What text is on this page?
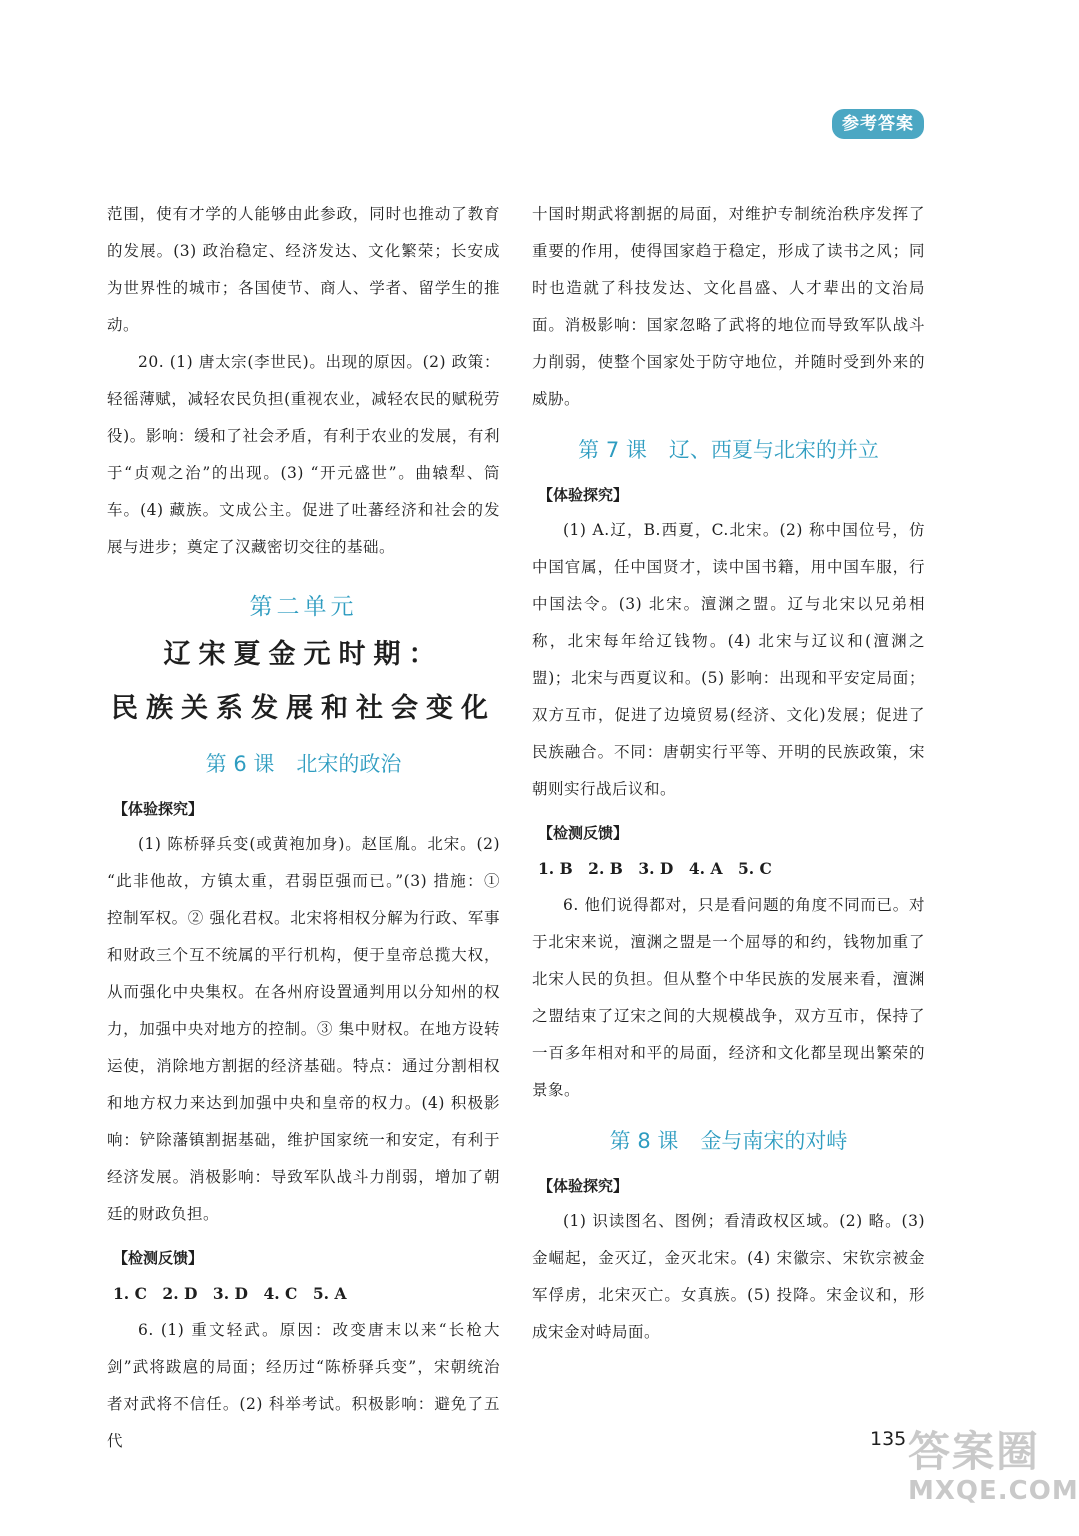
参考答案

范围，使有才学的人能够由此参政，同时也推动了教育的发展。(3) 政治稳定、经济发达、文化繁荣；长安成为世界性的城市；各国使节、商人、学者、留学生的推动。

20. (1) 唐太宗(李世民)。出现的原因。(2) 政策：轻徭薄赋，减轻农民负担(重视农业，减轻农民的赋税劳役)。影响：缓和了社会矛盾，有利于农业的发展，有利于“贞观之治”的出现。(3) “开元盛世”。曲辕犁、筒车。(4) 藏族。文成公主。促进了吐蕃经济和社会的发展与进步；奠定了汉藏密切交往的基础。

第二单元
辽宋夏金元时期：
民族关系发展和社会变化
第 6 课 北宋的政治
【体验探究】

(1) 陈桥驿兵变(或黄袍加身)。赵匡胤。北宋。(2) “此非他故，方镇太重，君弱臣强而已。”(3) 措施：① 控制军权。② 强化君权。北宋将相权分解为行政、军事和财政三个互不统属的平行机构，便于皇帝总揽大权，从而强化中央集权。在各州府设置通判用以分知州的权力，加强中央对地方的控制。③ 集中财权。在地方设转运使，消除地方割据的经济基础。特点：通过分割相权和地方权力来达到加强中央和皇帝的权力。(4) 积极影响：铲除藩镇割据基础，维护国家统一和安定，有利于经济发展。消极影响：导致军队战斗力削弱，增加了朝廷的财政负担。

【检测反馈】
1. C　2. D　3. D　4. C　5. A

6. (1) 重文轻武。原因：改变唐末以来“长枪大剑”武将跋扈的局面；经历过“陈桥驿兵变”，宋朝统治者对武将不信任。(2) 科举考试。积极影响：避免了五代

十国时期武将割据的局面，对维护专制统治秩序发挥了重要的作用，使得国家趋于稳定，形成了读书之风；同时也造就了科技发达、文化昌盛、人才辈出的文治局面。消极影响：国家忽略了武将的地位而导致军队战斗力削弱，使整个国家处于防守地位，并随时受到外来的威胁。

第 7 课 辽、西夏与北宋的并立
【体验探究】

(1) A.辽，B.西夏，C.北宋。(2) 称中国位号，仿中国官属，任中国贤才，读中国书籍，用中国车服，行中国法令。(3) 北宋。澶渊之盟。辽与北宋以兄弟相称，北宋每年给辽钱物。(4) 北宋与辽议和(澶渊之盟)；北宋与西夏议和。(5) 影响：出现和平安定局面；双方互市，促进了边境贸易(经济、文化)发展；促进了民族融合。不同：唐朝实行平等、开明的民族政策，宋朝则实行战后议和。

【检测反馈】
1. B　2. B　3. D　4. A　5. C

6. 他们说得都对，只是看问题的角度不同而已。对于北宋来说，澶渊之盟是一个屈辱的和约，钱物加重了北宋人民的负担。但从整个中华民族的发展来看，澶渊之盟结束了辽宋之间的大规模战争，双方互市，保持了一百多年相对和平的局面，经济和文化都呈现出繁荣的景象。

第 8 课 金与南宋的对峙
【体验探究】

(1) 识读图名、图例；看清政权区域。(2) 略。(3) 金崛起，金灭辽，金灭北宋。(4) 宋徽宗、宋钦宗被金军俘虏，北宋灭亡。女真族。(5) 投降。宋金议和，形成宋金对峙局面。

135 答案圈
MXQE.COM
